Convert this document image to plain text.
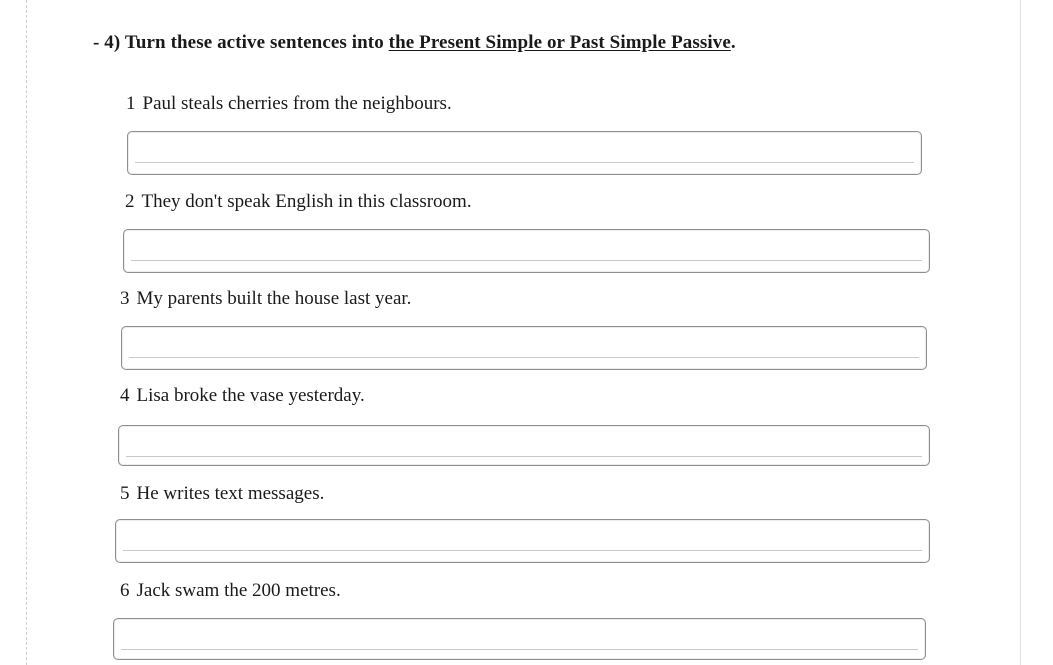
- 4) Turn these active sentences into the Present Simple or Past Simple Passive.
1 Paul steals cherries from the neighbours.
2 They don't speak English in this classroom.
3 My parents built the house last year.
4 Lisa broke the vase yesterday.
5 He writes text messages.
6 Jack swam the 200 metres.
